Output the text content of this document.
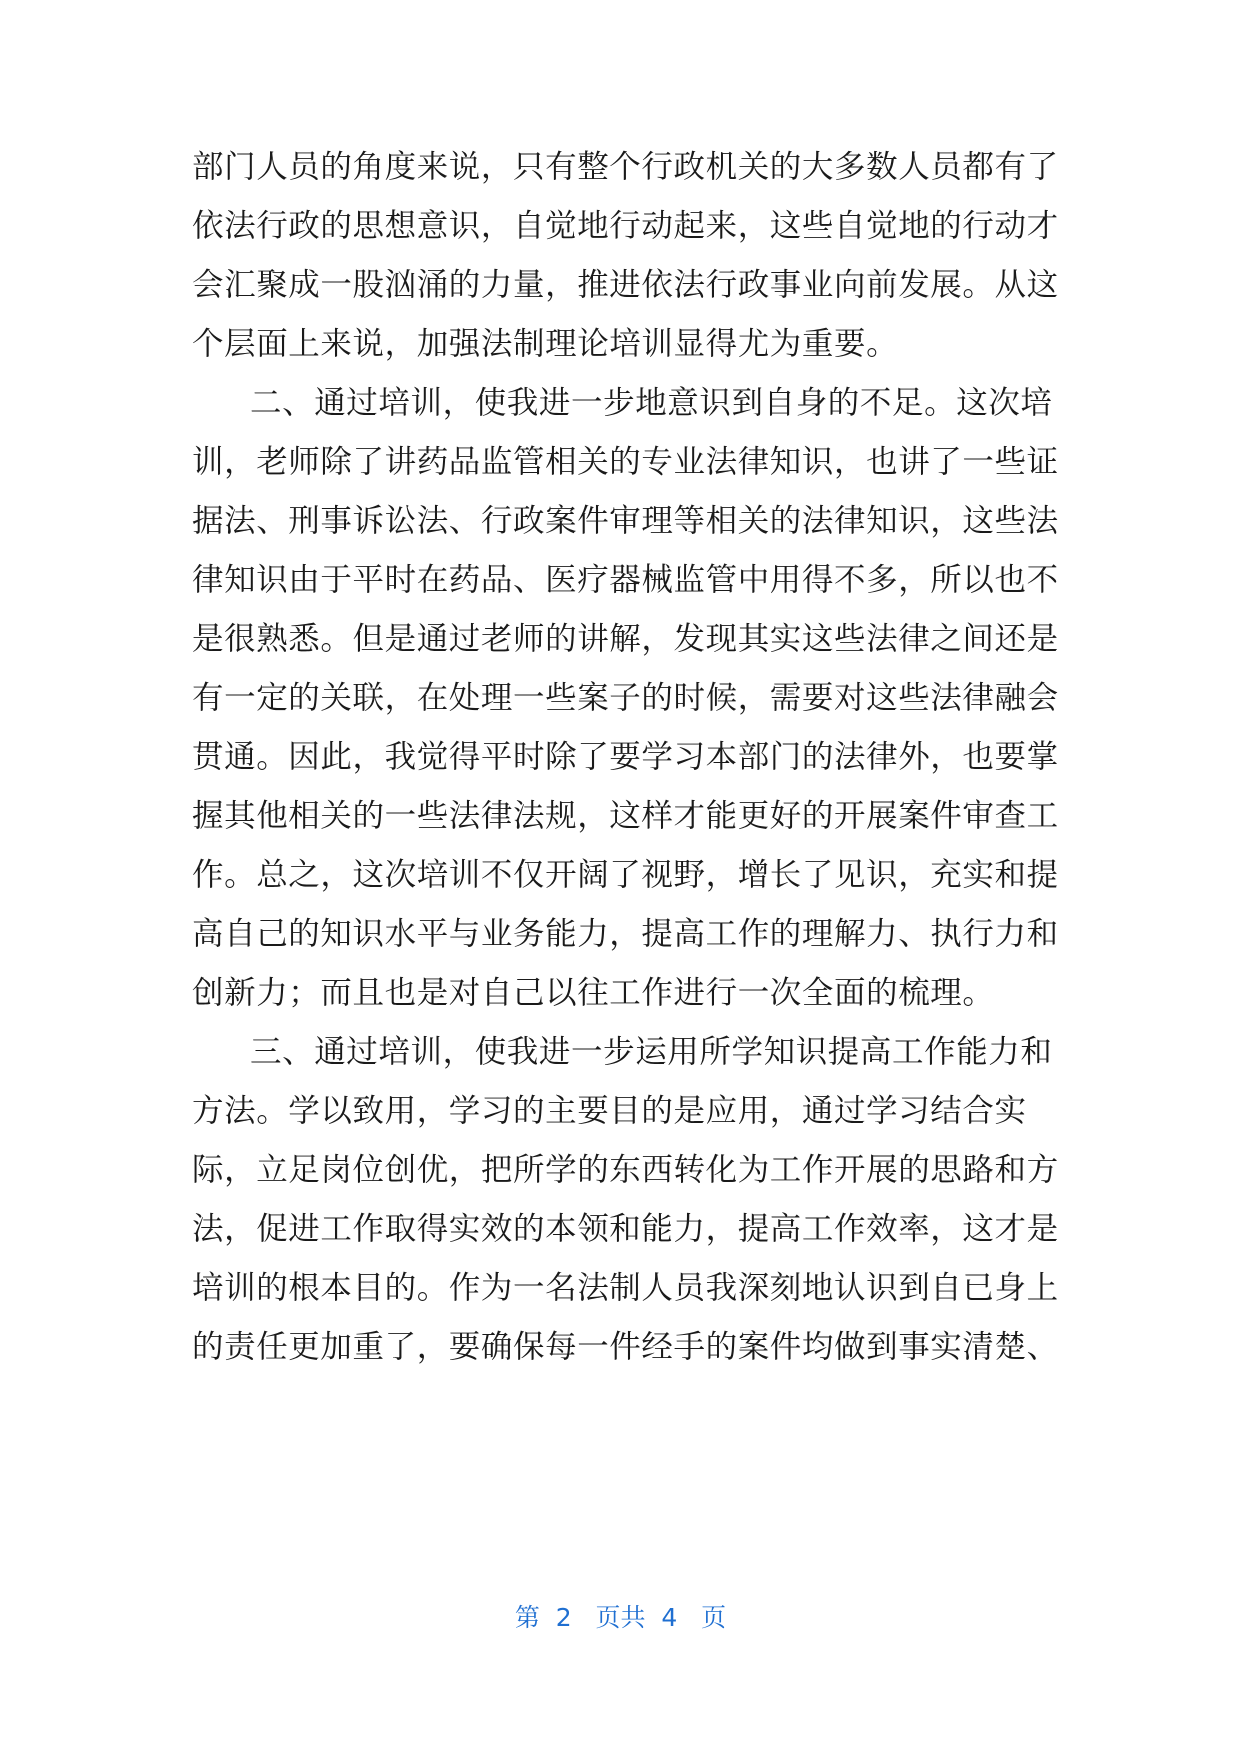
部门人员的角度来说，只有整个行政机关的大多数人员都有了
依法行政的思想意识，自觉地行动起来，这些自觉地的行动才
会汇聚成一股汹涌的力量，推进依法行政事业向前发展。从这
个层面上来说，加强法制理论培训显得尤为重要。
二、通过培训，使我进一步地意识到自身的不足。这次培
训，老师除了讲药品监管相关的专业法律知识，也讲了一些证
据法、刑事诉讼法、行政案件审理等相关的法律知识，这些法
律知识由于平时在药品、医疗器械监管中用得不多，所以也不
是很熟悉。但是通过老师的讲解，发现其实这些法律之间还是
有一定的关联，在处理一些案子的时候，需要对这些法律融会
贯通。因此，我觉得平时除了要学习本部门的法律外，也要掌
握其他相关的一些法律法规，这样才能更好的开展案件审查工
作。总之，这次培训不仅开阔了视野，增长了见识，充实和提
高自己的知识水平与业务能力，提高工作的理解力、执行力和
创新力；而且也是对自己以往工作进行一次全面的梳理。
三、通过培训，使我进一步运用所学知识提高工作能力和
方法。学以致用，学习的主要目的是应用，通过学习结合实
际，立足岗位创优，把所学的东西转化为工作开展的思路和方
法，促进工作取得实效的本领和能力，提高工作效率，这才是
培训的根本目的。作为一名法制人员我深刻地认识到自已身上
的责任更加重了，要确保每一件经手的案件均做到事实清楚、
第  2   页共  4   页
